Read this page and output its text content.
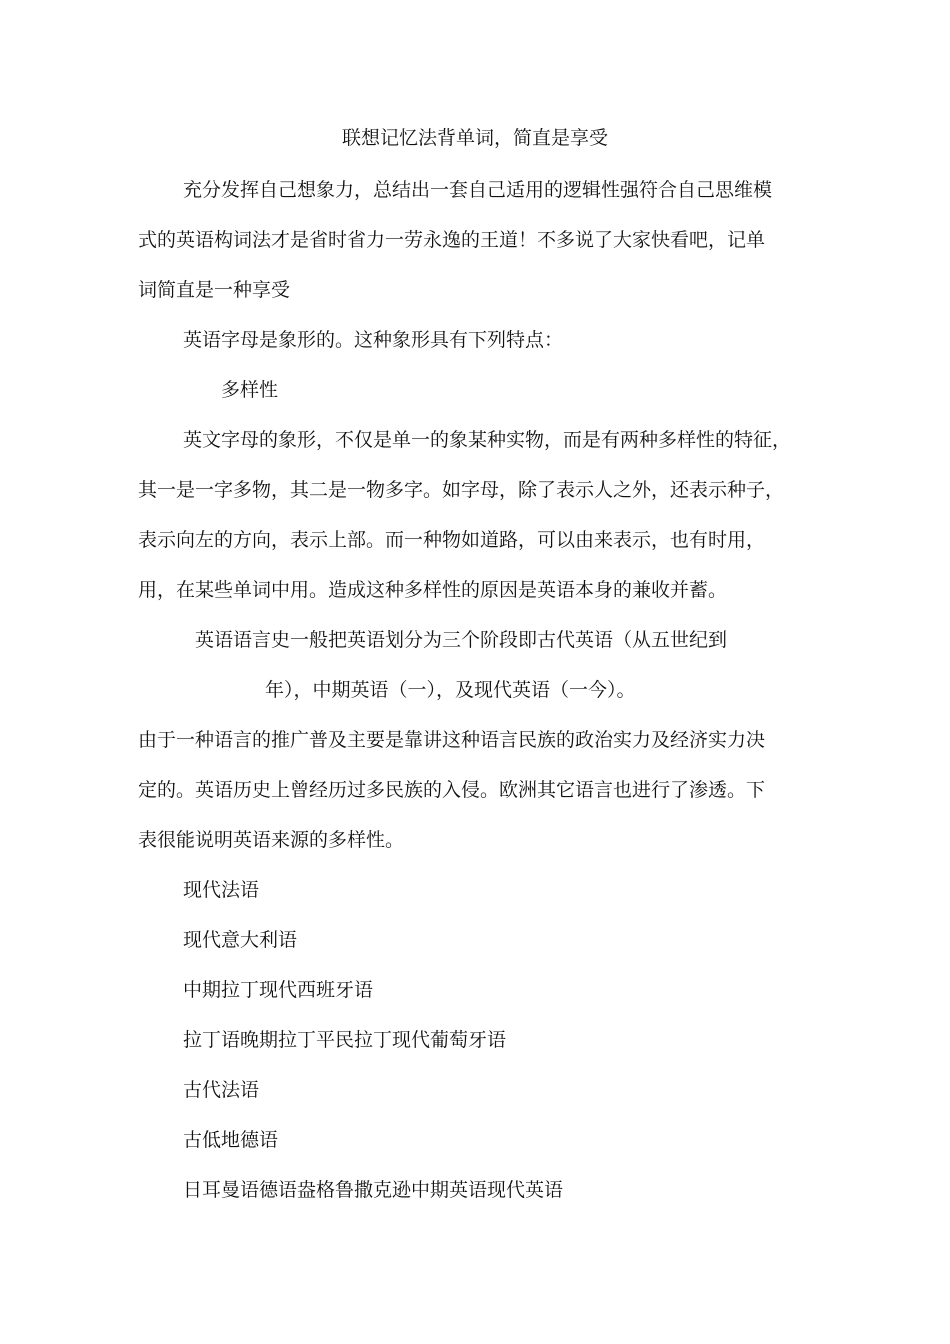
联想记忆法背单词，简直是享受

充分发挥自己想象力，总结出一套自己适用的逻辑性强符合自己思维模

式的英语构词法才是省时省力一劳永逸的王道！不多说了大家快看吧，记单

词简直是一种享受

英语字母是象形的。这种象形具有下列特点：

多样性

英文字母的象形，不仅是单一的象某种实物，而是有两种多样性的特征，

其一是一字多物，其二是一物多字。如字母，除了表示人之外，还表示种子，

表示向左的方向，表示上部。而一种物如道路，可以由来表示，也有时用，

用，在某些单词中用。造成这种多样性的原因是英语本身的兼收并蓄。

英语语言史一般把英语划分为三个阶段即古代英语（从五世纪到

年），中期英语（一），及现代英语（一今）。

由于一种语言的推广普及主要是靠讲这种语言民族的政治实力及经济实力决

定的。英语历史上曾经历过多民族的入侵。欧洲其它语言也进行了渗透。下

表很能说明英语来源的多样性。

现代法语

现代意大利语

中期拉丁现代西班牙语

拉丁语晚期拉丁平民拉丁现代葡萄牙语

古代法语

古低地德语

日耳曼语德语盎格鲁撒克逊中期英语现代英语
